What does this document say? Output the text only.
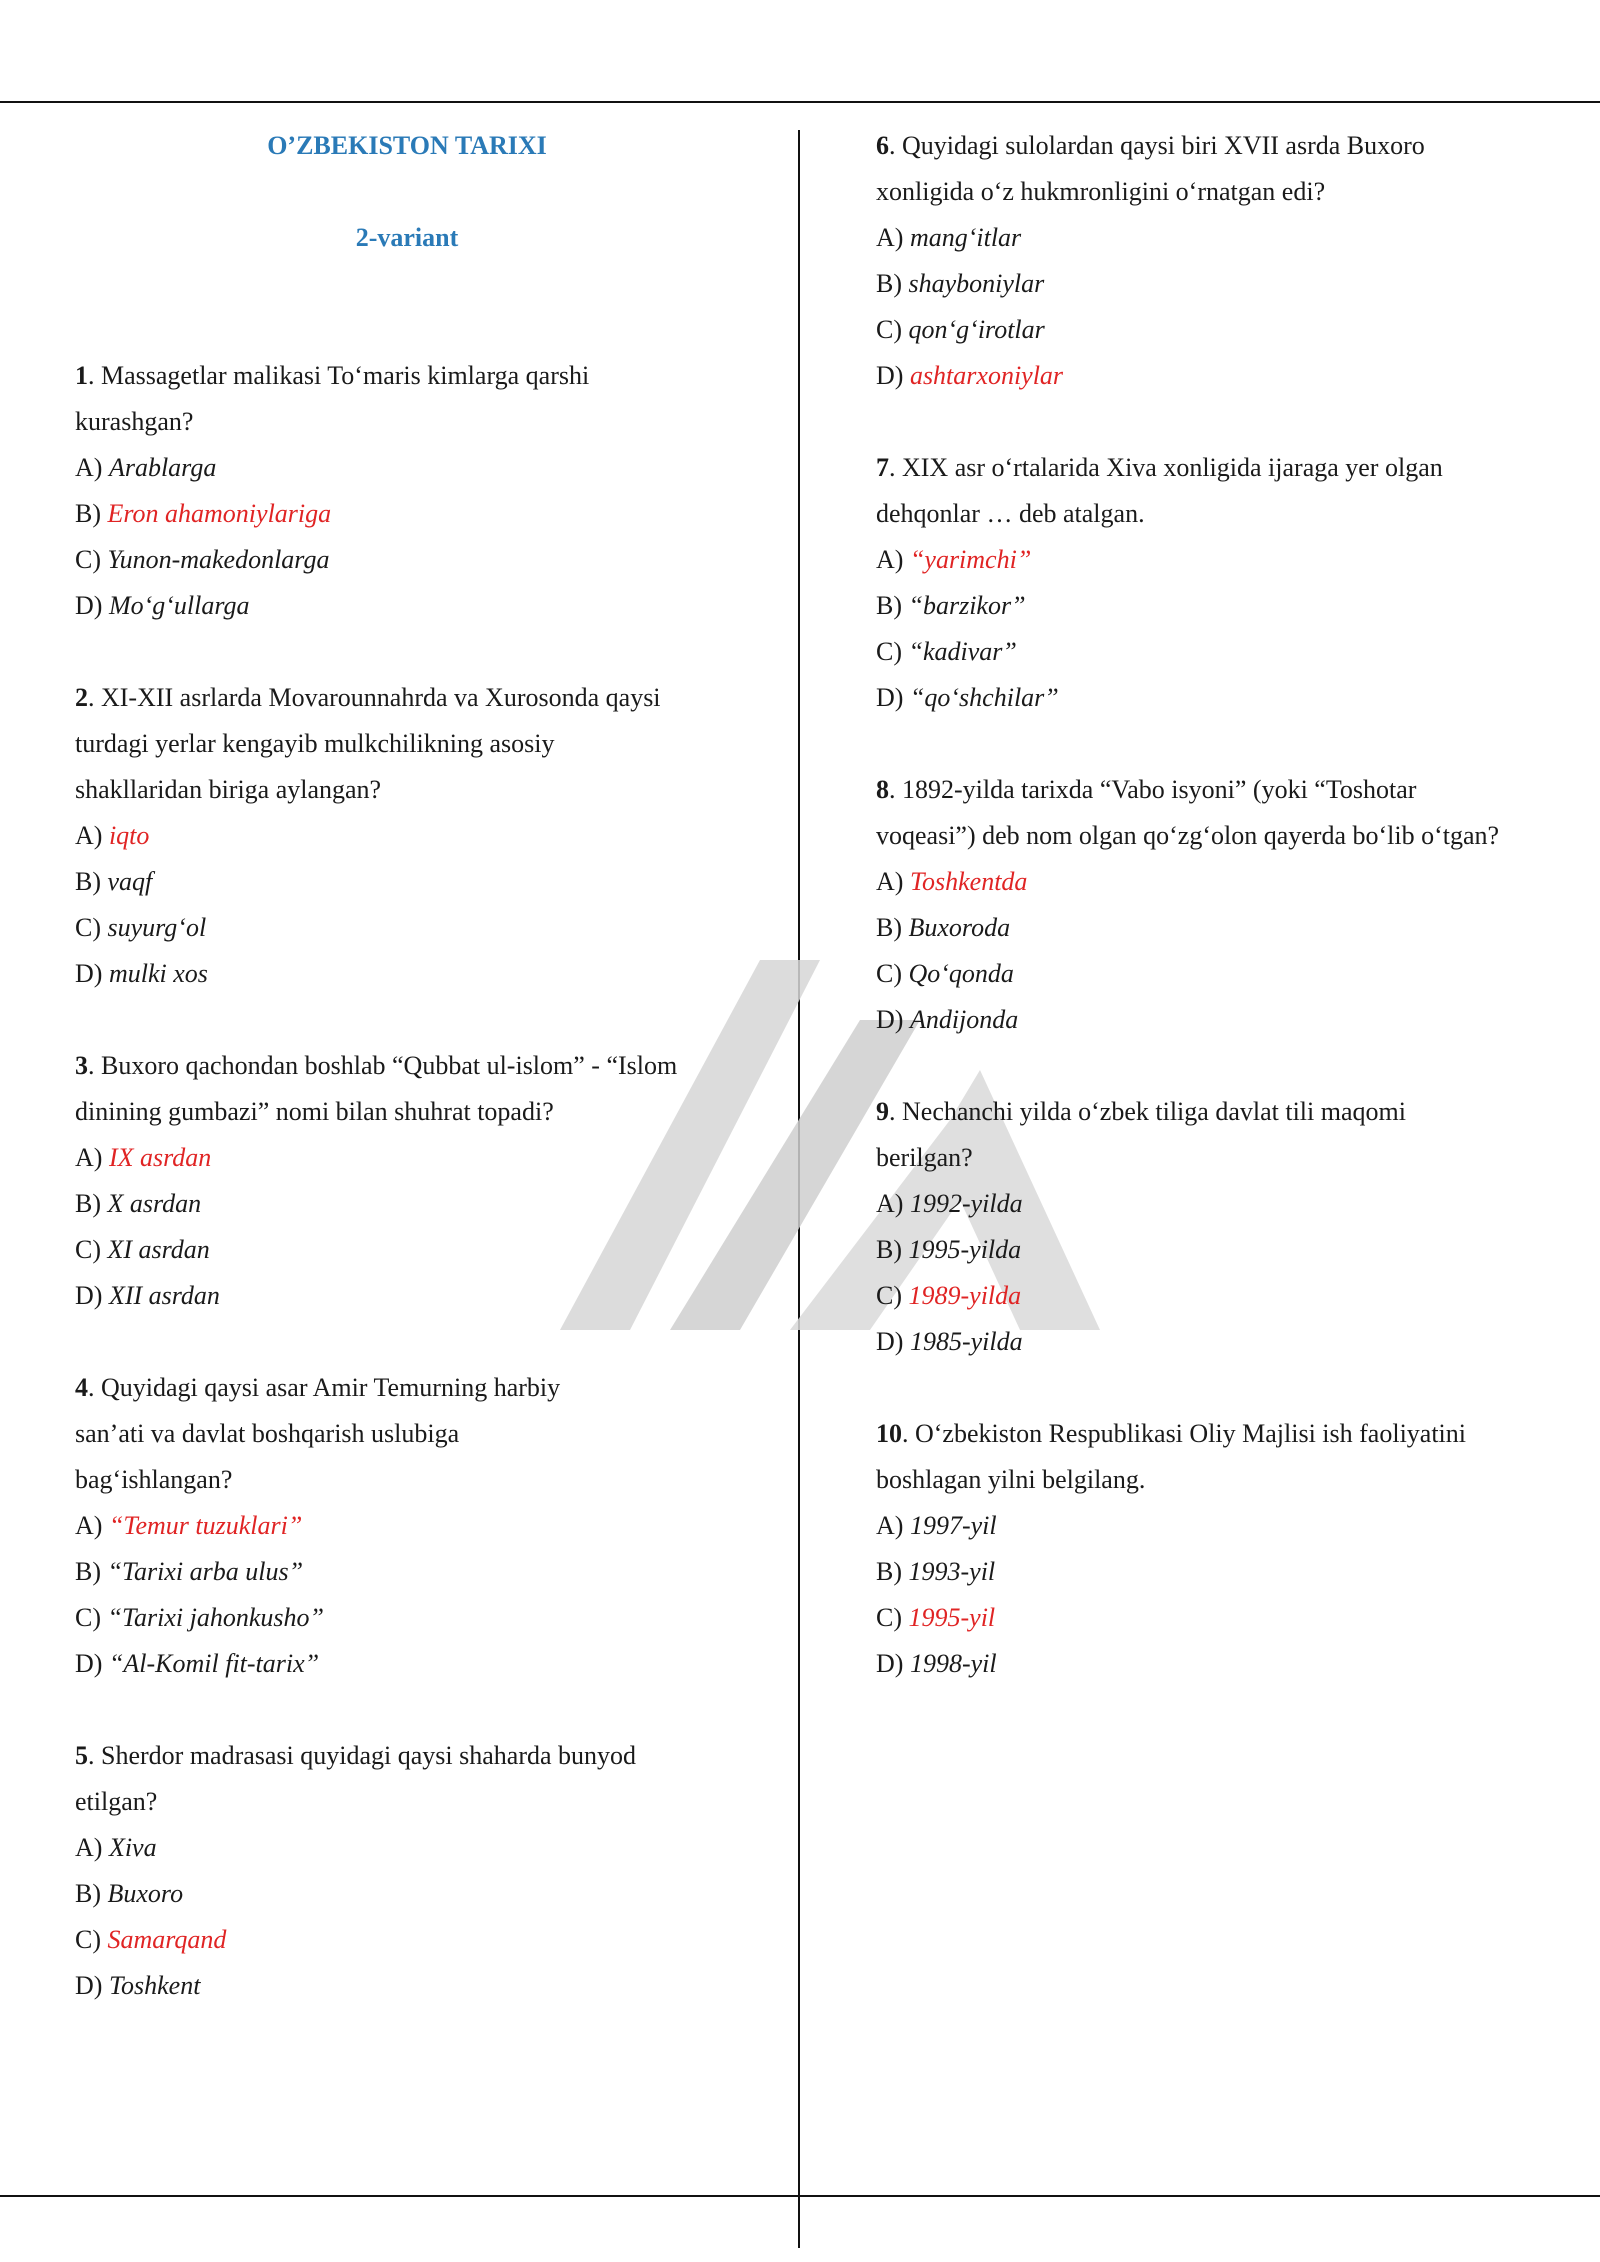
O’ZBEKISTON TARIXI
2-variant
1. Massagetlar malikasi To‘maris kimlarga qarshi
kurashgan?
A) Arablarga
B) Eron ahamoniylariga
C) Yunon-makedonlarga
D) Mo‘g‘ullarga
2. XI-XII asrlarda Movarounnahrda va Xurosonda qaysi
turdagi yerlar kengayib mulkchilikning asosiy
shakllaridan biriga aylangan?
A) iqto
B) vaqf
C) suyurg‘ol
D) mulki xos
3. Buxoro qachondan boshlab “Qubbat ul-islom” - “Islom
dinining gumbazi” nomi bilan shuhrat topadi?
A) IX asrdan
B) X asrdan
C) XI asrdan
D) XII asrdan
4. Quyidagi qaysi asar Amir Temurning harbiy
san’ati va davlat boshqarish uslubiga
bag‘ishlangan?
A) “Temur tuzuklari”
B) “Tarixi arba ulus”
C) “Tarixi jahonkusho”
D) “Al-Komil fit-tarix”
5. Sherdor madrasasi quyidagi qaysi shaharda bunyod
etilgan?
A) Xiva
B) Buxoro
C) Samarqand
D) Toshkent
6. Quyidagi sulolardan qaysi biri XVII asrda Buxoro
xonligida o‘z hukmronligini o‘rnatgan edi?
A) mang‘itlar
B) shayboniylar
C) qon‘g‘irotlar
D) ashtarxoniylar
7. XIX asr o‘rtalarida Xiva xonligida ijaraga yer olgan
dehqonlar … deb atalgan.
A) “yarimchi”
B) “barzikor”
C) “kadivar”
D) “qo‘shchilar”
8. 1892-yilda tarixda “Vabo isyoni” (yoki “Toshotar
voqeasi”) deb nom olgan qo‘zg‘olon qayerda bo‘lib o‘tgan?
A) Toshkentda
B) Buxoroda
C) Qo‘qonda
D) Andijonda
9. Nechanchi yilda o‘zbek tiliga davlat tili maqomi
berilgan?
A) 1992-yilda
B) 1995-yilda
C) 1989-yilda
D) 1985-yilda
10. O‘zbekiston Respublikasi Oliy Majlisi ish faoliyatini
boshlagan yilni belgilang.
A) 1997-yil
B) 1993-yil
C) 1995-yil
D) 1998-yil
